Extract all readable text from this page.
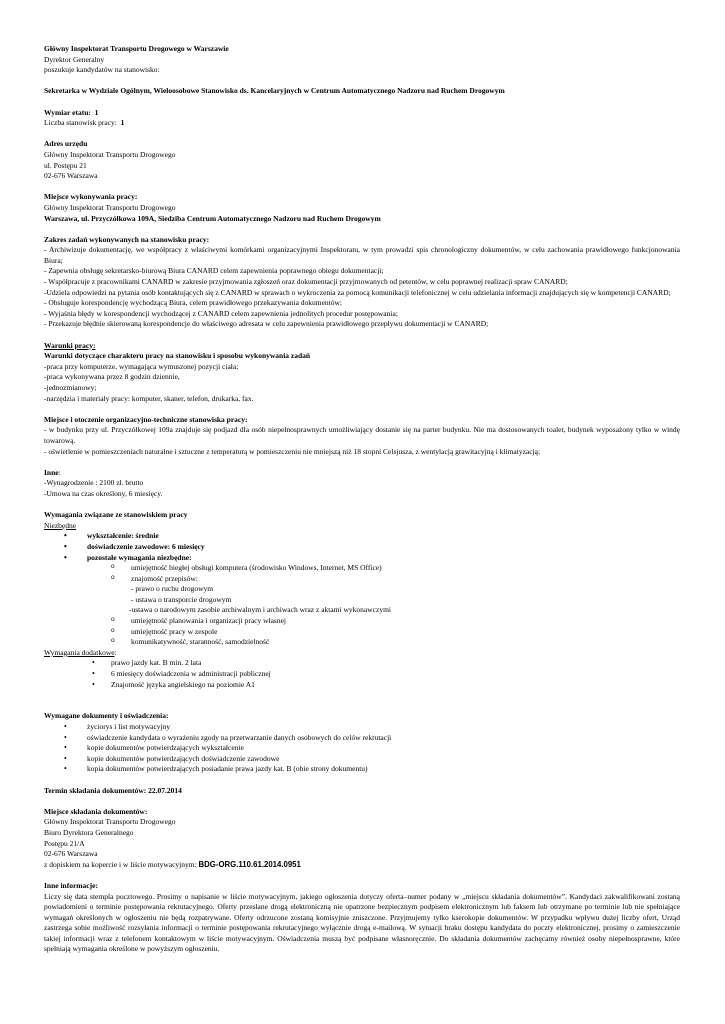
Główny Inspektorat Transportu Drogowego w Warszawie
Dyrektor Generalny
poszukuje kandydatów na stanowisko:
Sekretarka w Wydziale Ogólnym, Wieloosobowe Stanowisko ds. Kancelaryjnych w Centrum Automatycznego Nadzoru nad Ruchem Drogowym
Wymiar etatu: 1
Liczba stanowisk pracy: 1
Adres urzędu
Główny Inspektorat Transportu Drogowego
ul. Postępu 21
02-676 Warszawa
Miejsce wykonywania pracy:
Główny Inspektorat Transportu Drogowego
Warszawa, ul. Przyczółkowa 109A, Siedziba Centrum Automatycznego Nadzoru nad Ruchem Drogowym
Zakres zadań wykonywanych na stanowisku pracy:
- Archiwizuje dokumentację, we współpracy z właściwymi komórkami organizacyjnymi Inspektoratu, w tym prowadzi spis chronologiczny dokumentów, w celu zachowania prawidłowego funkcjonowania Biura;
- Zapewnia obsługę sekretarsko-biurową Biura CANARD celem zapewnienia poprawnego obiegu dokumentacji;
- Współpracuje z pracownikami CANARD w zakresie przyjmowania zgłoszeń oraz dokumentacji przyjmowanych od petentów, w celu poprawnej realizacji spraw CANARD;
-Udziela odpowiedzi na pytania osób kontaktujących się z CANARD w sprawach o wykroczenia za pomocą komunikacji telefonicznej w celu udzielania informacji znajdujących się w kompetencji CANARD;
- Obsługuje korespondencję wychodzącą Biura, celem prawidłowego przekazywania dokumentów;
- Wyjaśnia błędy w korespondencji wychodzącej z CANARD celem zapewnienia jednolitych procedur postępowania;
- Przekazuje błędnie skierowaną korespondencje do właściwego adresata w celu zapewnienia prawidłowego przepływu dokumentacji w CANARD;
Warunki pracy:
Warunki dotyczące charakteru pracy na stanowisku i sposobu wykonywania zadań
-praca przy komputerze, wymagająca wymuszonej pozycji ciała;
-praca wykonywana przez 8 godzin dziennie,
-jednozmianowy;
-narzędzia i materiały pracy: komputer, skaner, telefon, drukarka, fax.
Miejsce i otoczenie organizacyjno-techniczne stanowiska pracy:
- w budynku przy ul. Przyczółkowej 109a znajduje się podjazd dla osób niepełnosprawnych umożliwiający dostanie się na parter budynku. Nie ma dostosowanych toalet, budynek wyposażony tylko w windę towarową.
- oświetlenie w pomieszczeniach naturalne i sztuczne z temperaturą w pomieszczeniu nie mniejszą niż 18 stopni Celsjusza, z wentylacją grawitacyjną i klimatyzacją;
Inne:
-Wynagrodzenie : 2100 zł. brutto
-Umowa na czas określony, 6 miesięcy.
Wymagania związane ze stanowiskiem pracy
Niezbędne
• wykształcenie: średnie
• doświadczenie zawodowe: 6 miesięcy
• pozostałe wymagania niezbędne:
o umiejętność biegłej obsługi komputera (środowisko Windows, Internet, MS Office)
o znajomość przepisów:
- prawo o ruchu drogowym
- ustawa o transporcie drogowym
-ustawa o narodowym zasobie archiwalnym i archiwach wraz z aktami wykonawczymi
o umiejętność planowania i organizacji pracy własnej
o umiejętność pracy w zespole
o komunikatywność, staranność, samodzielność
Wymagania dodatkowe:
• prawo jazdy kat. B min. 2 lata
• 6 miesięcy doświadczenia w administracji publicznej
• Znajomość języka angielskiego na poziomie A1
Wymagane dokumenty i oświadczenia:
• życiorys i list motywacyjny
• oświadczenie kandydata o wyrażeniu zgody na przetwarzanie danych osobowych do celów rekrutacji
• kopie dokumentów potwierdzających wykształcenie
• kopie dokumentów potwierdzających doświadczenie zawodowe
• kopia dokumentów potwierdzających posiadanie prawa jazdy kat. B (obie strony dokumentu)
Termin składania dokumentów: 22.07.2014
Miejsce składania dokumentów:
Główny Inspektorat Transportu Drogowego
Biuro Dyrektora Generalnego
Postępu 21/A
02-676 Warszawa
z dopiskiem na kopercie i w liście motywacyjnym: BDG-ORG.110.61.2014.0951
Inne informacje:
Liczy się data stempla pocztowego. Prosimy o napisanie w liście motywacyjnym, jakiego ogłoszenia dotyczy oferta–numer podany w „miejscu składania dokumentów”. Kandydaci zakwalifikowani zostaną powiadomieni o terminie postępowania rekrutacyjnego. Oferty przesłane drogą elektroniczną nie opatrzone bezpiecznym podpisem elektronicznym lub faksem lub otrzymane po terminie lub nie spełniające wymagań określonych w ogłoszeniu nie będą rozpatrywane. Oferty odrzucone zostaną komisyjnie zniszczone. Przyjmujemy tylko kserokopie dokumentów. W przypadku wpływu dużej liczby ofert, Urząd zastrzega sobie możliwość rozsyłania informacji o terminie postępowania rekrutacyjnego wyłącznie drogą e-mailową. W sytuacji braku dostępu kandydata do poczty elektronicznej, prosimy o zamieszczenie takiej informacji wraz z telefonem kontaktowym w liście motywacyjnym. Oświadczenia muszą być podpisane własnoręcznie. Do składania dokumentów zachęcamy również osoby niepełnosprawne, które spełniają wymagania określone w powyższym ogłoszeniu.
